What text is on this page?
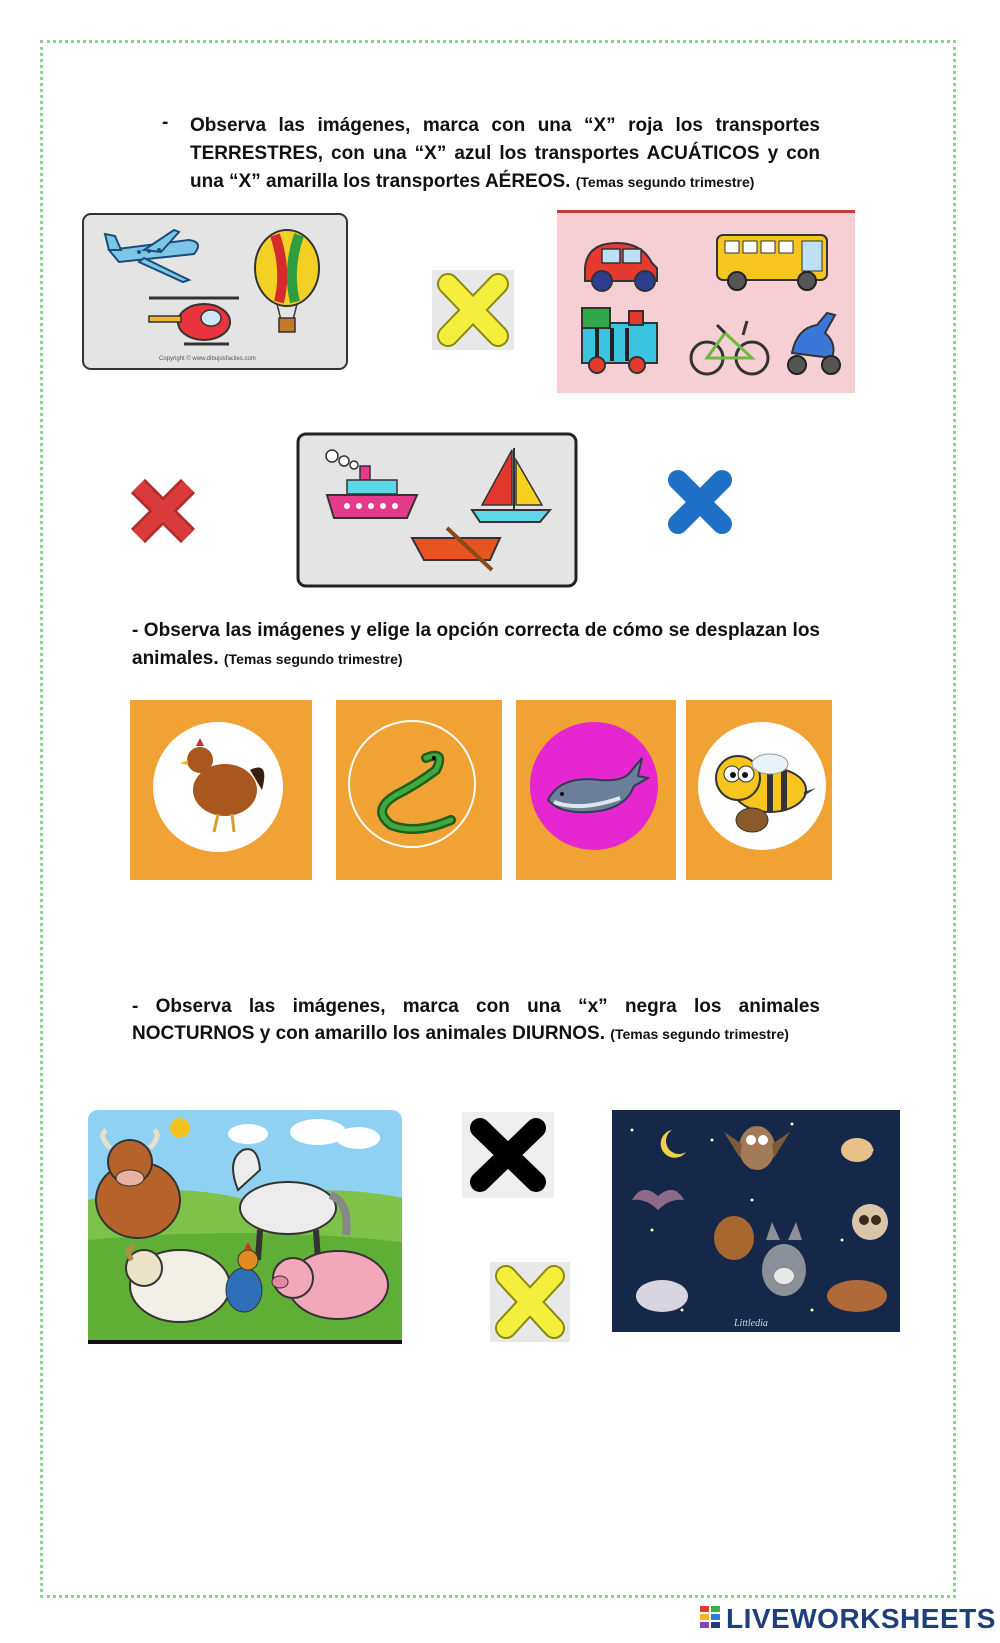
- Observa las imágenes, marca con una “X” roja los transportes TERRESTRES, con una “X” azul los transportes ACUÁTICOS y con una “X” amarilla los transportes AÉREOS. (Temas segundo trimestre)
Copyright © www.dibujosfaciles.com
- Observa las imágenes y elige la opción correcta de cómo se desplazan los animales. (Temas segundo trimestre)
- Observa las imágenes, marca con una “x” negra los animales NOCTURNOS y con amarillo los animales DIURNOS. (Temas segundo trimestre)
Littledia
LIVEWORKSHEETS
